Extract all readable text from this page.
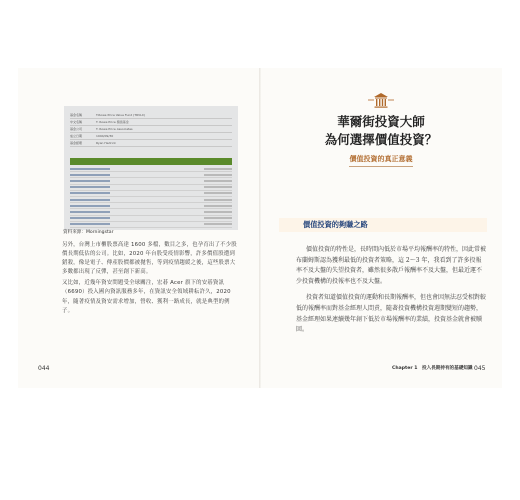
基金名稱	T.Rowe Price Value Fund (TRVLX)
中文名稱	T. Rowe Price 價值基金
基金公司	T. Rowe Price Associates
成立日期	1994/09/30
基金經理	Ryan Hedrick
資料來源：Morningstar

另外，台灣上市櫃股票高達 1600 多檔，數目之多，也孕育出了不少股價長期低估的公司。比如，2020 年台股受疫情影響，許多價值股遭到錯殺，像是電子、傳產股價都被拋售，等到疫情趨緩之後，這些股票大多數都出現了反彈，甚至創下新高。

又比如，近幾年資安問題受全球關注，宏碁 Acer 旗下的安碁資訊（6690）投入國內資訊服務多年，在資訊安全領域耕耘許久，2020 年，隨著疫情及資安需求增加，營收、獲利一路成長，就是典型的例子。

044
華爾街投資大師
為何選擇價值投資？
價值投資的真正意義
價值投資的夠賺之路

價值投資的特性是，長時間內低於市場平均報酬率的特性，因此常被布蘭姆斯認為獲利最低的投資者策略，這 2～3 年，我看到了許多投報率不及大盤的失望投資者，雖然很多散戶報酬率不及大盤，但最近運不少投資機構的投報率也不及大盤。

投資者知道價值投資的運動和長期報酬率，但也會因無法忍受相對較低的報酬率而對基金經理人問責，隨著投資機構投資週期變短的趨勢，基金經理如果連續幾年創下低於市場報酬率的業績，投資基金就會被贖回。

Chapter 1　投入長期持有的基礎知識 045
